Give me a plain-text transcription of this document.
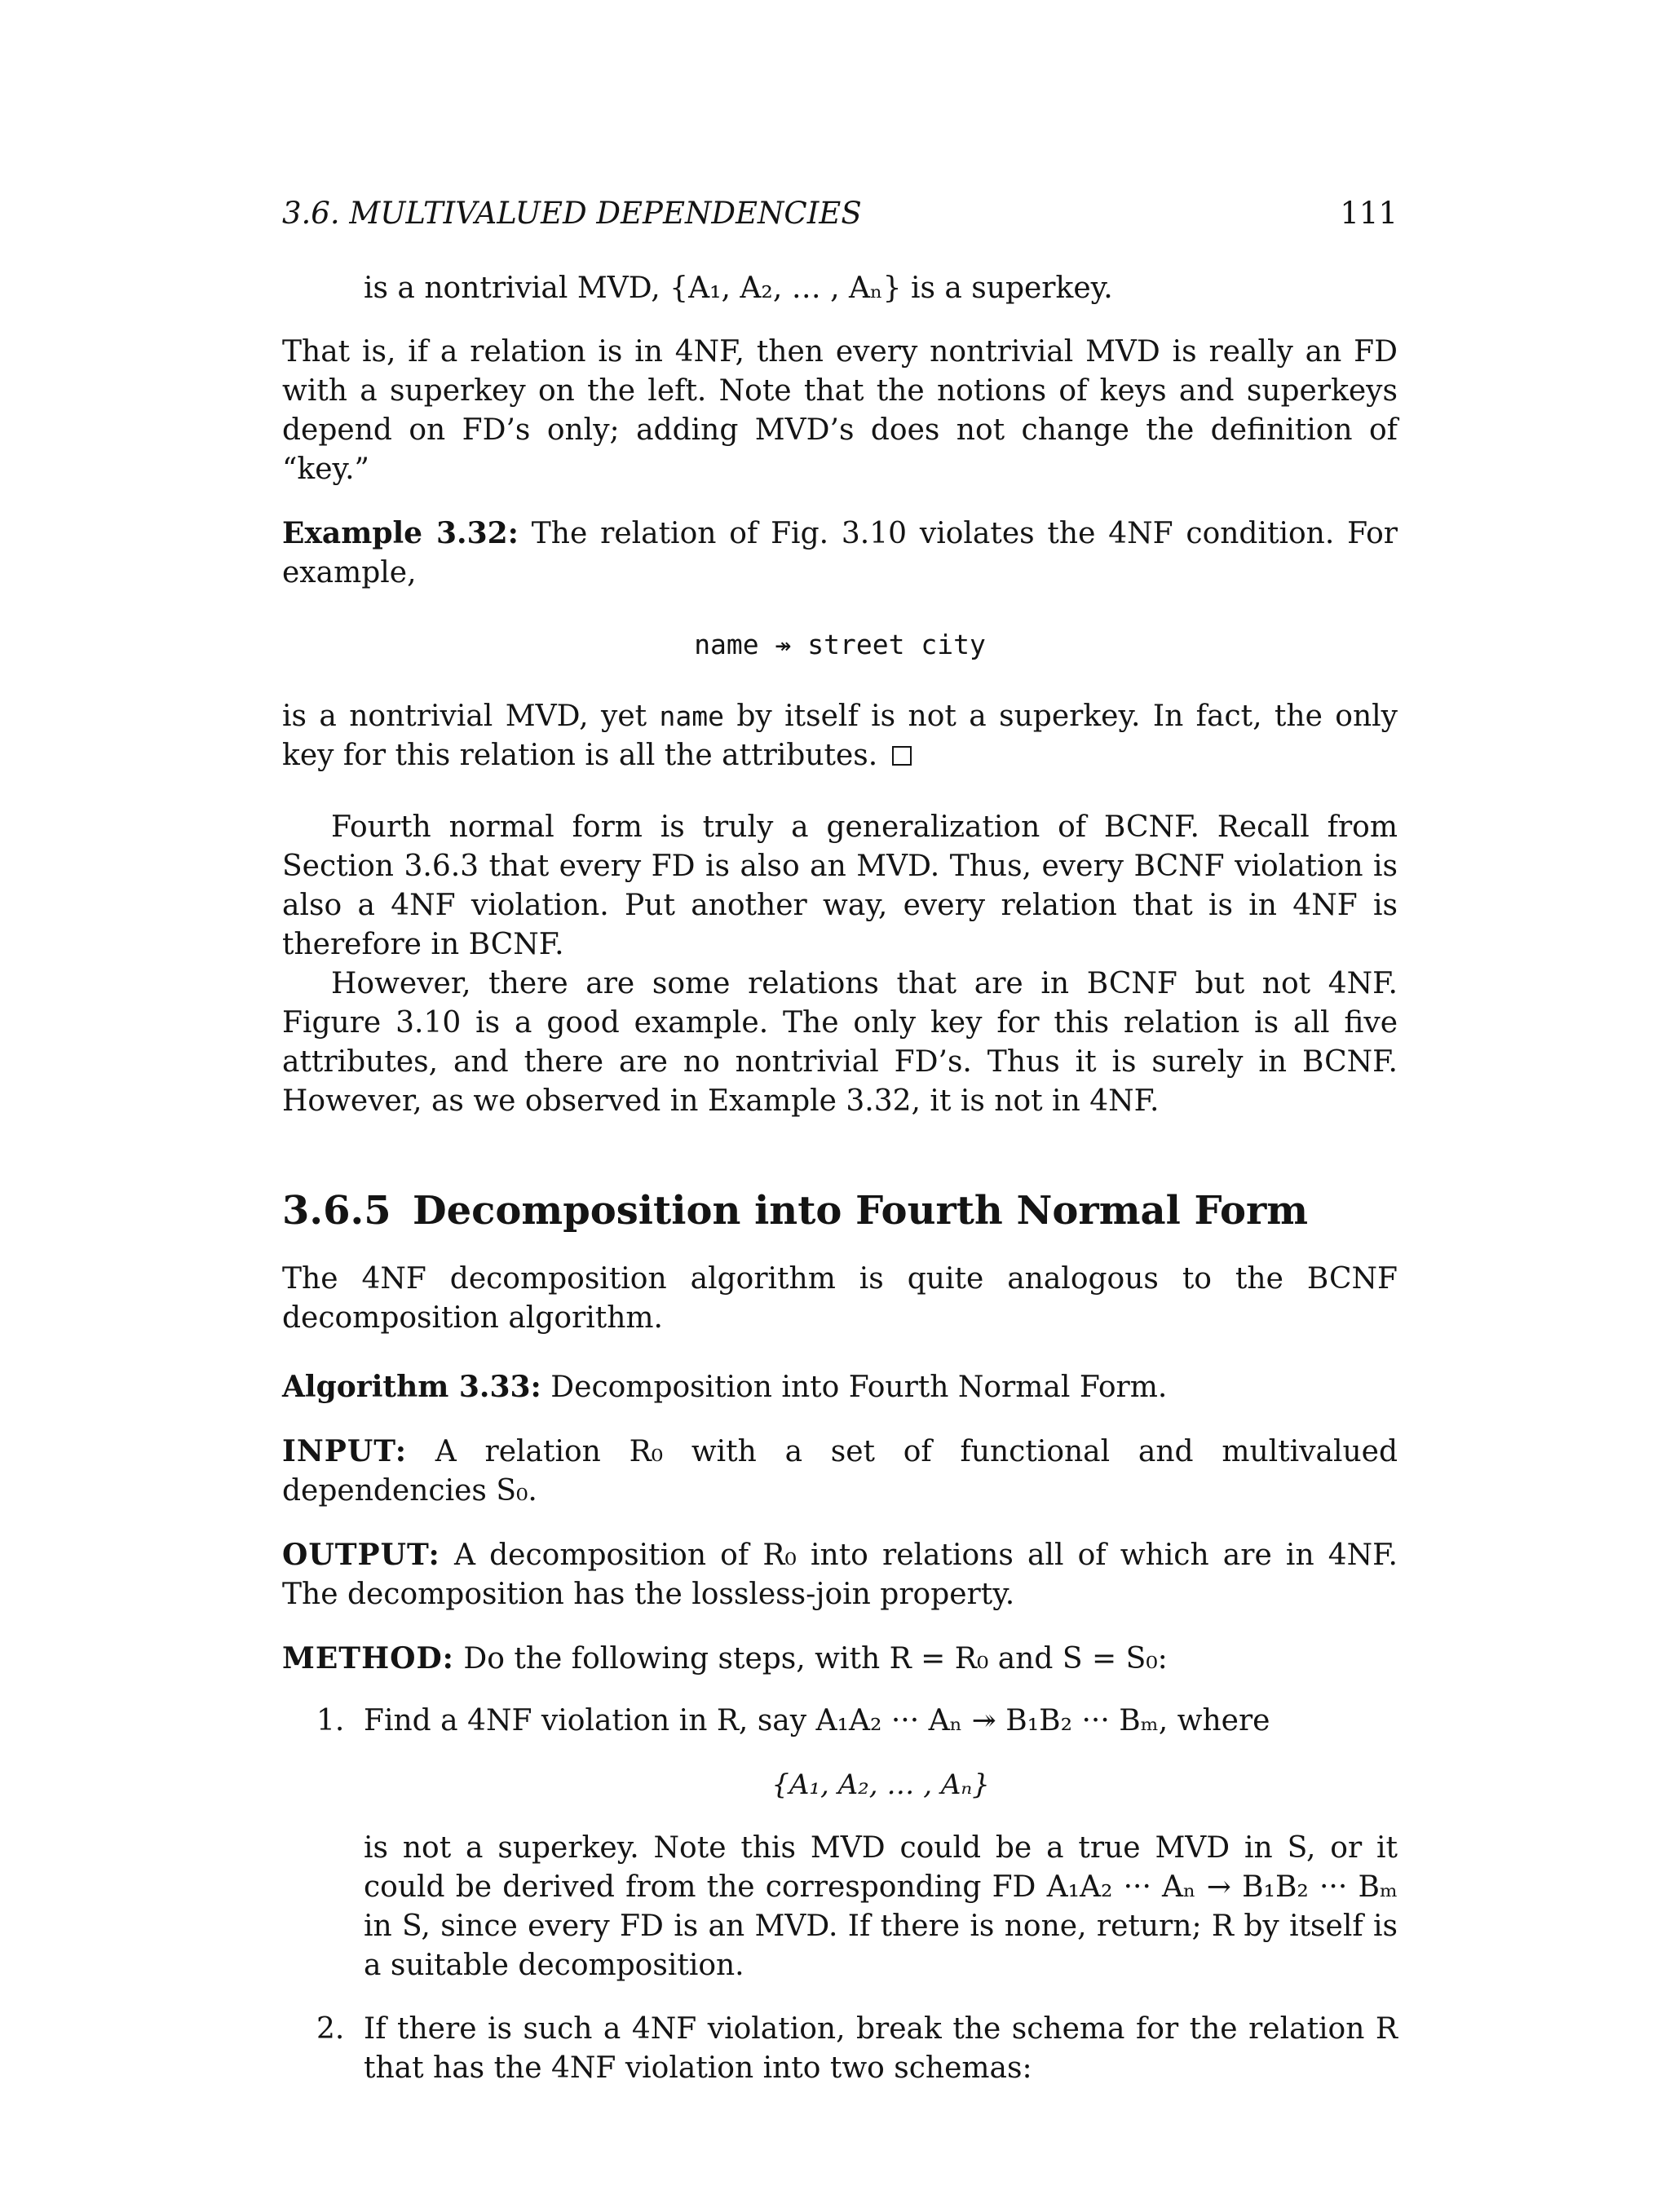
3.6. MULTIVALUED DEPENDENCIES	111

is a nontrivial MVD, {A₁, A₂, … , Aₙ} is a superkey.

That is, if a relation is in 4NF, then every nontrivial MVD is really an FD with a superkey on the left. Note that the notions of keys and superkeys depend on FD’s only; adding MVD’s does not change the definition of “key.”

Example 3.32: The relation of Fig. 3.10 violates the 4NF condition. For example,

name ↠ street city

is a nontrivial MVD, yet name by itself is not a superkey. In fact, the only key for this relation is all the attributes.

Fourth normal form is truly a generalization of BCNF. Recall from Section 3.6.3 that every FD is also an MVD. Thus, every BCNF violation is also a 4NF violation. Put another way, every relation that is in 4NF is therefore in BCNF.

However, there are some relations that are in BCNF but not 4NF. Figure 3.10 is a good example. The only key for this relation is all five attributes, and there are no nontrivial FD’s. Thus it is surely in BCNF. However, as we observed in Example 3.32, it is not in 4NF.

3.6.5 Decomposition into Fourth Normal Form

The 4NF decomposition algorithm is quite analogous to the BCNF decomposition algorithm.

Algorithm 3.33: Decomposition into Fourth Normal Form.

INPUT: A relation R₀ with a set of functional and multivalued dependencies S₀.

OUTPUT: A decomposition of R₀ into relations all of which are in 4NF. The decomposition has the lossless-join property.

METHOD: Do the following steps, with R = R₀ and S = S₀:

1. Find a 4NF violation in R, say A₁A₂ ··· Aₙ ↠ B₁B₂ ··· Bₘ, where

{A₁, A₂, … , Aₙ}

is not a superkey. Note this MVD could be a true MVD in S, or it could be derived from the corresponding FD A₁A₂ ··· Aₙ → B₁B₂ ··· Bₘ in S, since every FD is an MVD. If there is none, return; R by itself is a suitable decomposition.

2. If there is such a 4NF violation, break the schema for the relation R that has the 4NF violation into two schemas:
